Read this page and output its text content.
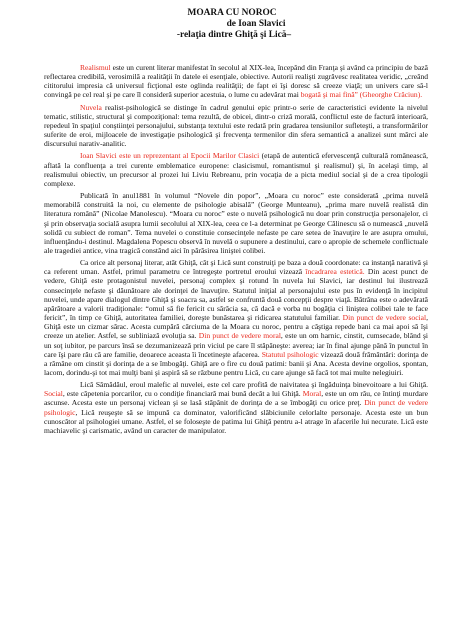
MOARA CU NOROC
de Ioan Slavici
-relaţia dintre Ghiţă şi Lică–

Realismul este un curent literar manifestat în secolul al XIX-lea, începând din Franţa şi având ca principiu de bază reflectarea credibilă, verosimilă a realităţii în datele ei esenţiale, obiective. Autorii realişti zugrăvesc realitatea veridic, „creând cititorului impresia că universul ficţional este oglinda realităţii; de fapt ei îşi doresc să creeze viaţă; un univers care să-l convingă pe cel real şi pe care îl consideră superior acestuia, o lume cu adevărat mai bogată şi mai fină” (Gheorghe Crăciun).

Nuvela realist-psihologică se distinge în cadrul genului epic printr-o serie de caracteristici evidente la nivelul tematic, stilistic, structural şi compoziţional: tema rezultă, de obicei, dintr-o criză morală, conflictul este de factură interioară, repedeul în spaţiul conştiinţei personajului, substanţa textului este redată prin gradarea tensiunilor sufleteşti, a transformărilor suferite de eroi, mijloacele de investigaţie psihologică şi frecvenţa termenilor din sfera semantică a analizei sunt mărci ale discursului narativ-analitic.

Ioan Slavici este un reprezentant al Epocii Marilor Clasici (etapă de autentică efervescenţă culturală românească, aflată la confluenţa a trei curente emblematice europene: clasicismul, romantismul şi realismul) şi, în acelaşi timp, al realismului obiectiv, un precursor al prozei lui Liviu Rebreanu, prin vocaţia de a picta mediul social şi de a crea tipologii complexe.

Publicată în anul1881 în volumul “Novele din popor”, „Moara cu noroc” este considerată „prima nuvelă memorabilă construită la noi, cu elemente de psihologie abisală” (George Munteanu), „prima mare nuvelă realistă din literatura română” (Nicolae Manolescu). “Moara cu noroc” este o nuvelă psihologică nu doar prin construcţia personajelor, ci şi prin observaţia socială asupra lumii secolului al XIX-lea, ceea ce l-a determinat pe George Călinescu să o numească „nuvelă solidă cu subiect de roman”. Tema nuvelei o constituie consecinţele nefaste pe care setea de înavuţire le are asupra omului, influenţându-i destinul. Magdalena Popescu observă în nuvelă o supunere a destinului, care o apropie de schemele conflictuale ale tragediei antice, vina tragică constând aici în părăsirea liniştei colibei.

Ca orice alt personaj literar, atât Ghiţă, cât şi Lică sunt construiţi pe baza a două coordonate: ca instanţă narativă şi ca referent uman. Astfel, primul parametru ce întregeşte portretul eroului vizează încadrarea estetică. Din acest punct de vedere, Ghiţă este protagonistul nuvelei, personaj complex şi rotund în nuvela lui Slavici, iar destinul lui ilustrează consecinţele nefaste şi dăunătoare ale dorinţei de înavuţire. Statutul iniţial al personajului este pus în evidenţă în incipitul nuvelei, unde apare dialogul dintre Ghiţă şi soacra sa, astfel se confruntă două concepţii despre viaţă. Bătrâna este o adevărată apărătoare a valorii tradiţionale: “omul să fie fericit cu sărăcia sa, că dacă e vorba nu bogăţia ci liniştea colibei tale te face fericit”, în timp ce Ghiţă, autoritatea familiei, doreşte bunăstarea şi ridicarea statutului familiar. Din punct de vedere social, Ghiţă este un cizmar sărac. Acesta cumpără cârciuma de la Moara cu noroc, pentru a câştiga repede bani ca mai apoi să îşi creeze un atelier. Astfel, se subliniază evoluţia sa. Din punct de vedere moral, este un om harnic, cinstit, cumsecade, blând şi un soţ iubitor, pe parcurs însă se dezumanizează prin viciul pe care îl stăpâneşte: averea; iar în final ajunge până în punctul în care îşi pare rău că are familie, deoarece aceasta îi încetineşte afacerea. Statutul psihologic vizează două frământări: dorinţa de a rămâne om cinstit şi dorinţa de a se îmbogăţi. Ghiţă are o fire cu două patimi: banii şi Ana. Acesta devine orgolios, spontan, lacom, dorindu-şi tot mai mulţi bani şi aspiră să se răzbune pentru Lică, cu care ajunge să facă tot mai multe nelegiuiri.

Lică Sămădăul, eroul malefic al nuvelei, este cel care profită de naivitatea şi îngăduinţa binevoitoare a lui Ghiţă. Social, este căpetenia porcarilor, cu o condiţie financiară mai bună decât a lui Ghiţă. Moral, este un om rău, ce întinţi murdare ascunse. Acesta este un personaj viclean şi se lasă stăpânit de dorinţa de a se îmbogăţi cu orice preţ. Din punct de vedere psihologic, Lică reuşeşte să se impună ca dominator, valorificând slăbiciunile celorlalte personaje. Acesta este un bun cunoscător al psihologiei umane. Astfel, el se foloseşte de patima lui Ghiţă pentru a-l atrage în afacerile lui necurate. Lică este machiavelic şi carismatic, având un caracter de manipulator.
